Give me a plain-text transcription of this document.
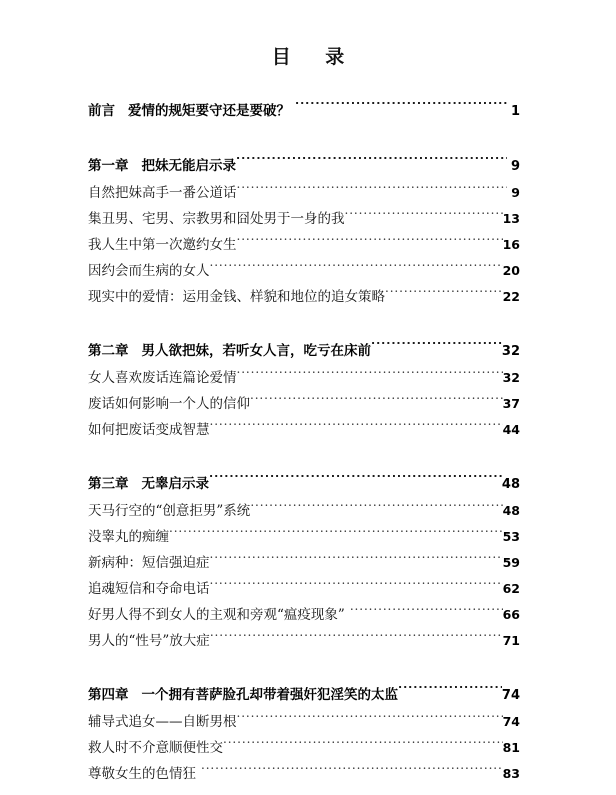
目 录
前言 爱情的规矩要守还是要破？ .....	1
第一章 把妹无能启示录 .....	9
自然把妹高手一番公道话 .....	9
集丑男、宅男、宗教男和囧处男于一身的我 .....	13
我人生中第一次邀约女生 .....	16
因约会而生病的女人 .....	20
现实中的爱情：运用金钱、样貌和地位的追女策略 .....	22
第二章 男人欲把妹，若听女人言，吃亏在床前 .....	32
女人喜欢废话连篇论爱情 .....	32
废话如何影响一个人的信仰 .....	37
如何把废话变成智慧 .....	44
第三章 无睾启示录 .....	48
天马行空的“创意拒男”系统 .....	48
没睾丸的痴缠 .....	53
新病种：短信强迫症 .....	59
追魂短信和夺命电话 .....	62
好男人得不到女人的主观和旁观“瘟疫现象” .....	66
男人的“性号”放大症 .....	71
第四章 一个拥有菩萨脸孔却带着强奸犯淫笑的太监 .....	74
辅导式追女——自断男根 .....	74
救人时不介意顺便性交 .....	81
尊敬女生的色情狂 .....	83
